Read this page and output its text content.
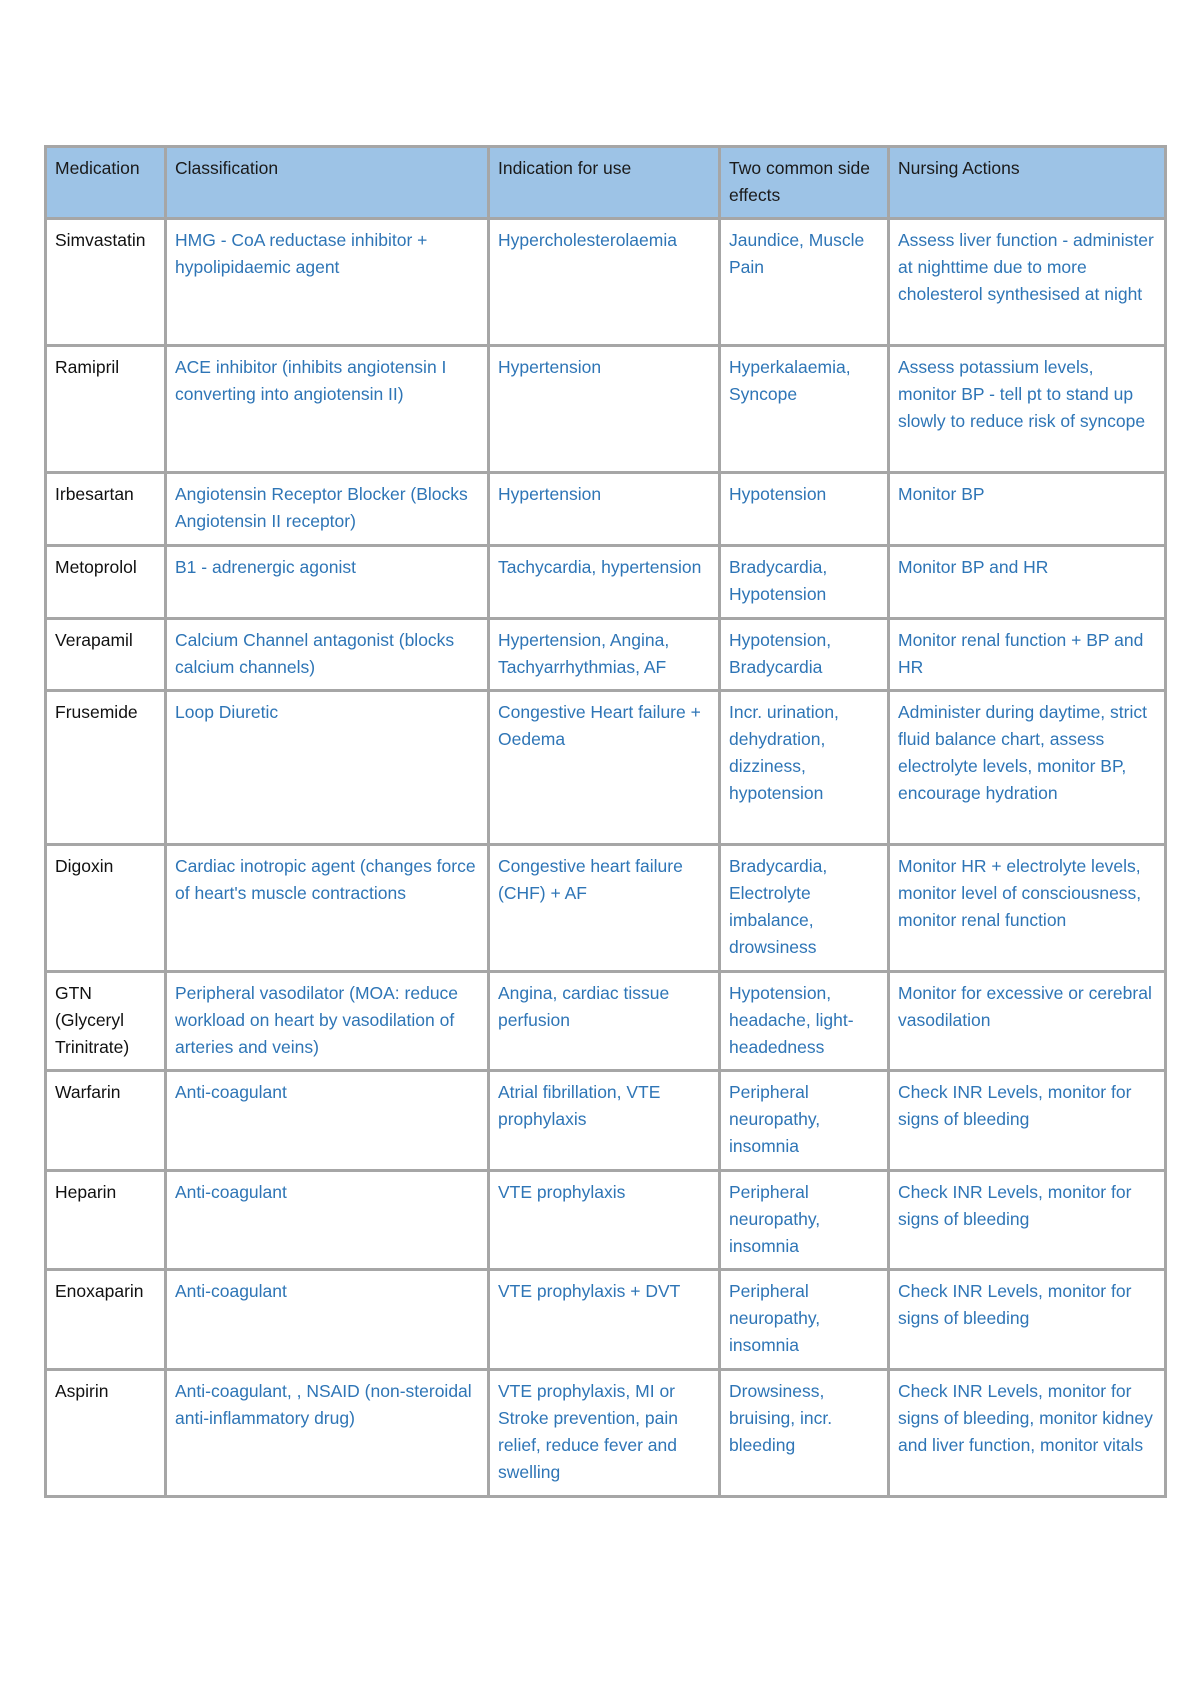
Medication	Classification	Indication for use	Two common side effects	Nursing Actions
Simvastatin	HMG - CoA reductase inhibitor + hypolipidaemic agent	Hypercholesterolaemia	Jaundice, Muscle Pain	Assess liver function - administer at nighttime due to more cholesterol synthesised at night
Ramipril	ACE inhibitor (inhibits angiotensin I converting into angiotensin II)	Hypertension	Hyperkalaemia, Syncope	Assess potassium levels, monitor BP - tell pt to stand up slowly to reduce risk of syncope
Irbesartan	Angiotensin Receptor Blocker (Blocks Angiotensin II receptor)	Hypertension	Hypotension	Monitor BP
Metoprolol	B1 - adrenergic agonist	Tachycardia, hypertension	Bradycardia, Hypotension	Monitor BP and HR
Verapamil	Calcium Channel antagonist (blocks calcium channels)	Hypertension, Angina, Tachyarrhythmias, AF	Hypotension, Bradycardia	Monitor renal function + BP and HR
Frusemide	Loop Diuretic	Congestive Heart failure + Oedema	Incr. urination, dehydration, dizziness, hypotension	Administer during daytime, strict fluid balance chart, assess electrolyte levels, monitor BP, encourage hydration
Digoxin	Cardiac inotropic agent (changes force of heart's muscle contractions	Congestive heart failure (CHF) + AF	Bradycardia, Electrolyte imbalance, drowsiness	Monitor HR + electrolyte levels, monitor level of consciousness, monitor renal function
GTN (Glyceryl Trinitrate)	Peripheral vasodilator (MOA: reduce workload on heart by vasodilation of arteries and veins)	Angina, cardiac tissue perfusion	Hypotension, headache, light-headedness	Monitor for excessive or cerebral vasodilation
Warfarin	Anti-coagulant	Atrial fibrillation, VTE prophylaxis	Peripheral neuropathy, insomnia	Check INR Levels, monitor for signs of bleeding
Heparin	Anti-coagulant	VTE prophylaxis	Peripheral neuropathy, insomnia	Check INR Levels, monitor for signs of bleeding
Enoxaparin	Anti-coagulant	VTE prophylaxis + DVT	Peripheral neuropathy, insomnia	Check INR Levels, monitor for signs of bleeding
Aspirin	Anti-coagulant, , NSAID (non-steroidal anti-inflammatory drug)	VTE prophylaxis, MI or Stroke prevention, pain relief, reduce fever and swelling	Drowsiness, bruising, incr. bleeding	Check INR Levels, monitor for signs of bleeding, monitor kidney and liver function, monitor vitals
